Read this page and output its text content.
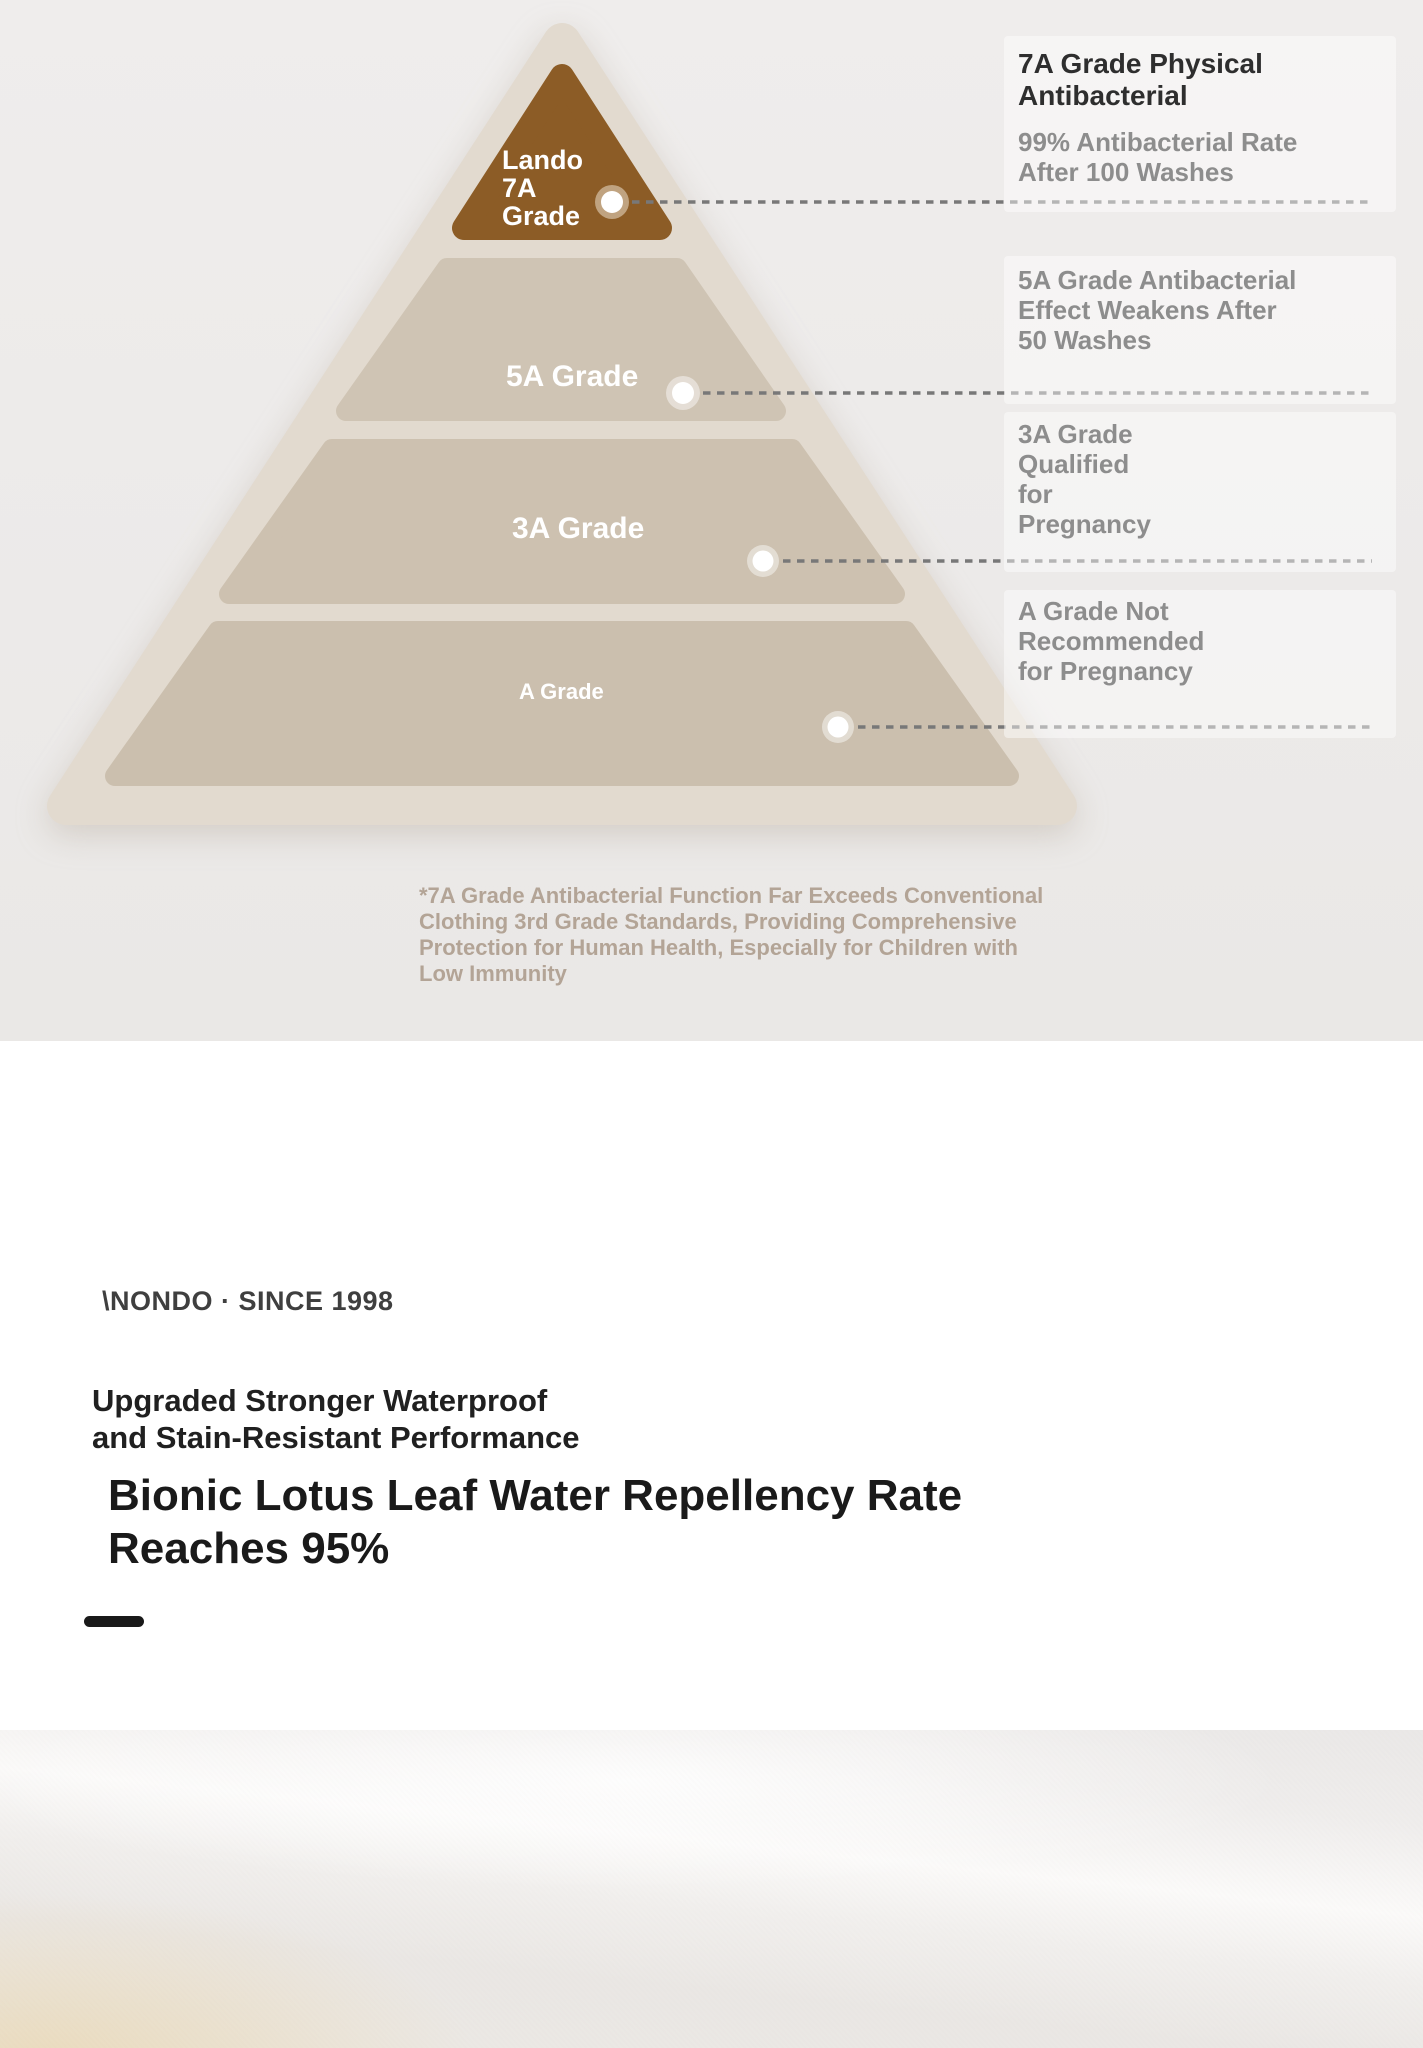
Lando
7A
Grade
5A Grade
3A Grade
A Grade
7A Grade Physical
Antibacterial
99% Antibacterial Rate
After 100 Washes
5A Grade Antibacterial
Effect Weakens After
50 Washes
3A Grade
Qualified
for
Pregnancy
A Grade Not
Recommended
for Pregnancy
*7A Grade Antibacterial Function Far Exceeds Conventional
Clothing 3rd Grade Standards, Providing Comprehensive
Protection for Human Health, Especially for Children with
Low Immunity
\NONDO · SINCE 1998
Upgraded Stronger Waterproof
and Stain-Resistant Performance
Bionic Lotus Leaf Water Repellency Rate
Reaches 95%
